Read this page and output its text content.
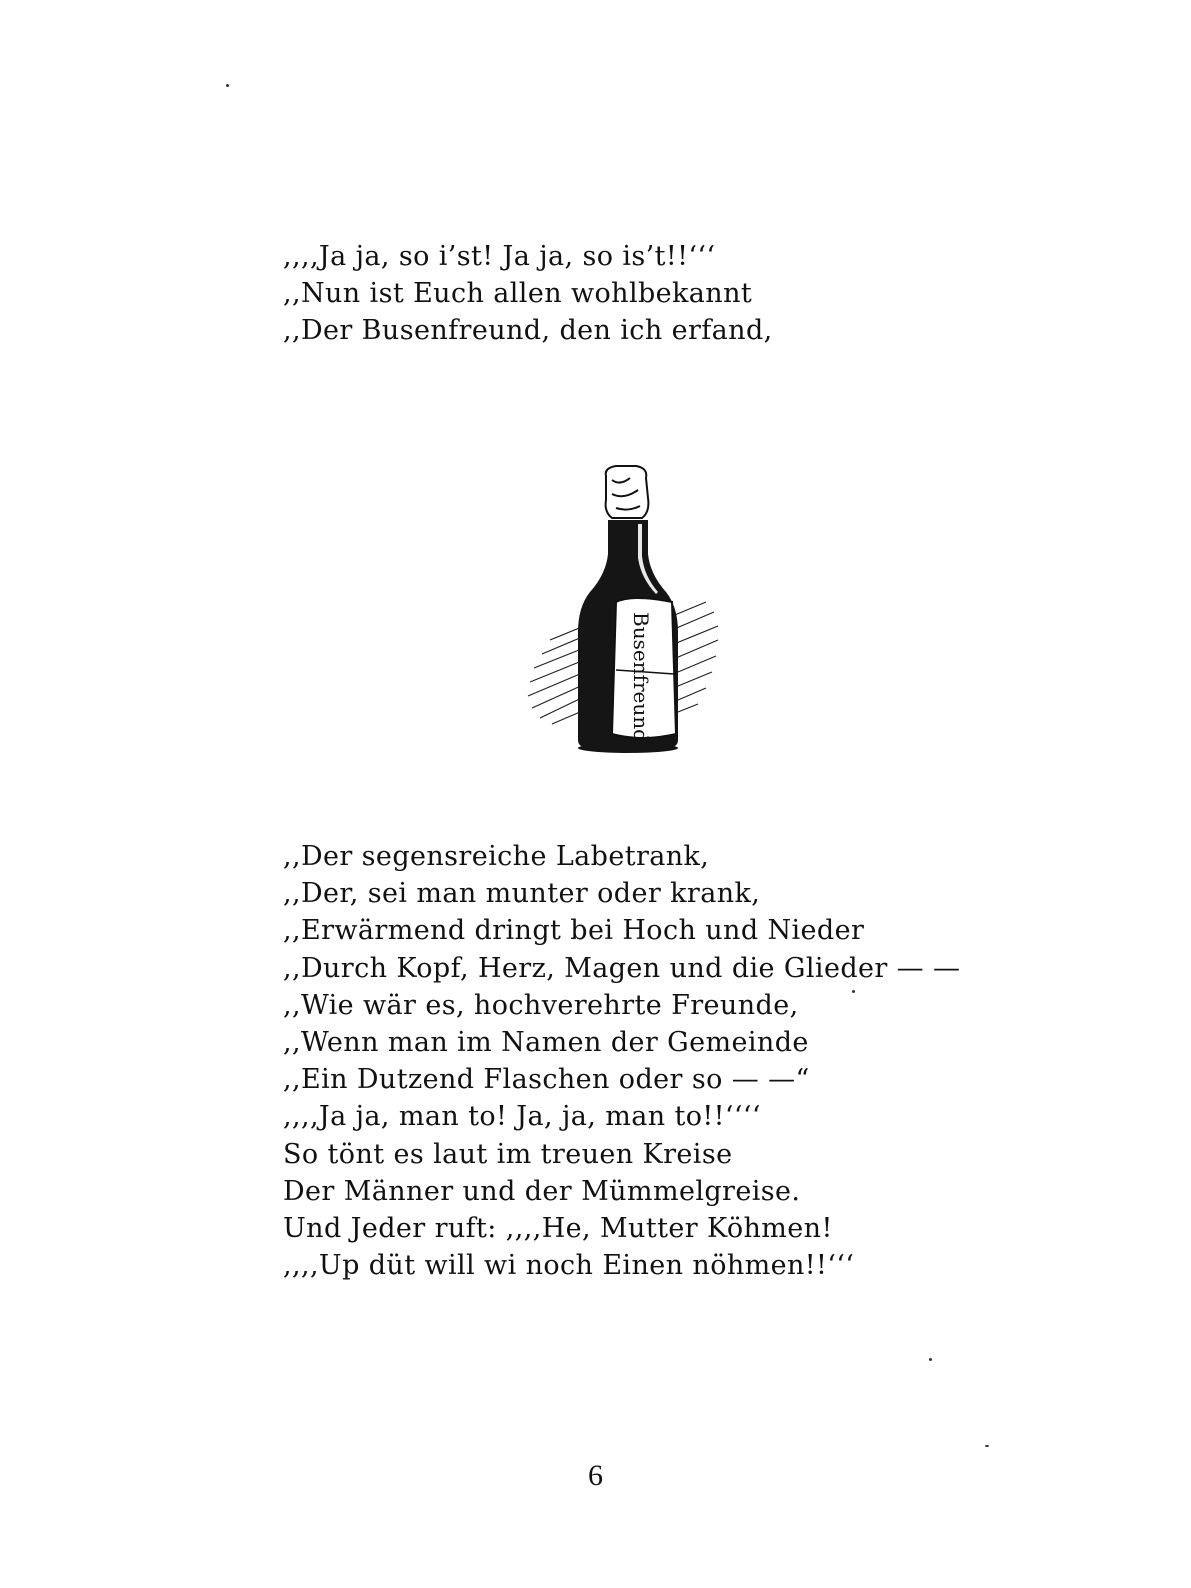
,,,,Ja ja, so i’st! Ja ja, so is’t!!‘‘‘
,,Nun ist Euch allen wohlbekannt
,,Der Busenfreund, den ich erfand,
Busenfreund
,,Der segensreiche Labetrank,
,,Der, sei man munter oder krank,
,,Erwärmend dringt bei Hoch und Nieder
,,Durch Kopf, Herz, Magen und die Glieder — —
,,Wie wär es, hochverehrte Freunde,
,,Wenn man im Namen der Gemeinde
,,Ein Dutzend Flaschen oder so — —“
,,,,Ja ja, man to! Ja, ja, man to!!‘‘‘‘
So tönt es laut im treuen Kreise
Der Männer und der Mümmelgreise.
Und Jeder ruft: ,,,,He, Mutter Köhmen!
,,,,Up düt will wi noch Einen nöhmen!!‘‘‘
6
